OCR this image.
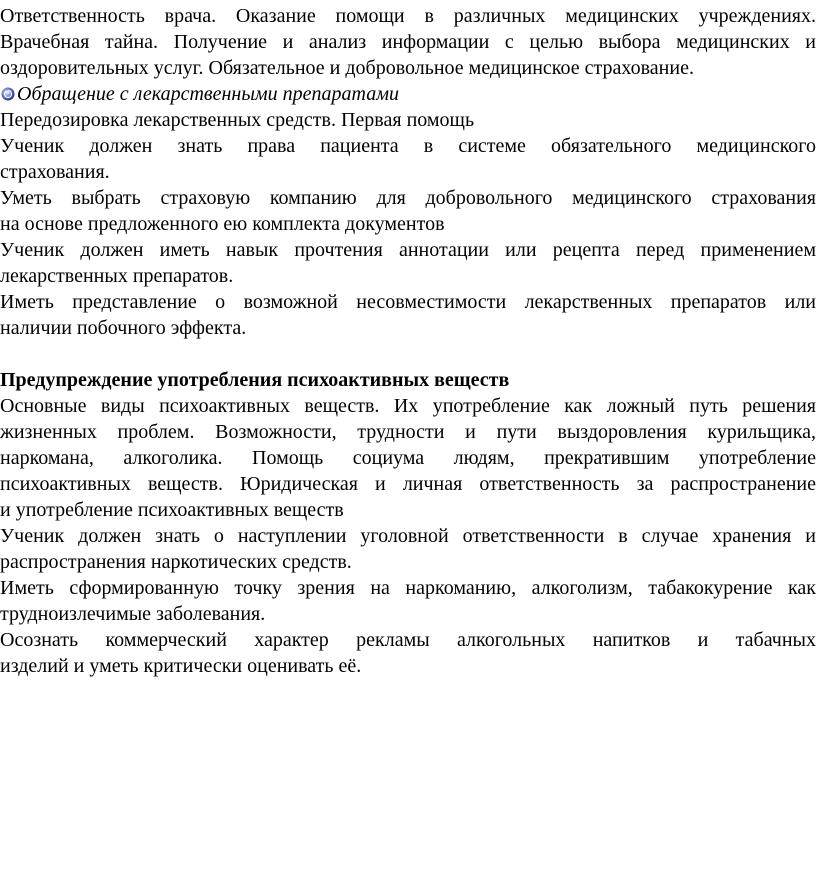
Ответственность врача. Оказание помощи в различных медицинских учреждениях.
Врачебная тайна. Получение и анализ информации с целью выбора медицинских и
оздоровительных услуг. Обязательное и добровольное медицинское страхование.

Обращение с лекарственными препаратами

Передозировка лекарственных средств. Первая помощь

Ученик должен знать права пациента в системе обязательного медицинского
страхования.

Уметь выбрать страховую компанию для добровольного медицинского страхования
на основе предложенного ею комплекта документов

Ученик должен иметь навык прочтения аннотации или рецепта перед применением
лекарственных препаратов.

Иметь представление о возможной несовместимости лекарственных препаратов или
наличии побочного эффекта.

Предупреждение употребления психоактивных веществ

Основные виды психоактивных веществ. Их употребление как ложный путь решения
жизненных проблем. Возможности, трудности и пути выздоровления курильщика,
наркомана, алкоголика. Помощь социума людям, прекратившим употребление
психоактивных веществ. Юридическая и личная ответственность за распространение
и употребление психоактивных веществ

Ученик должен знать о наступлении уголовной ответственности в случае хранения и
распространения наркотических средств.

Иметь сформированную точку зрения на наркоманию, алкоголизм, табакокурение как
трудноизлечимые заболевания.

Осознать коммерческий характер рекламы алкогольных напитков и табачных
изделий и уметь критически оценивать её.
